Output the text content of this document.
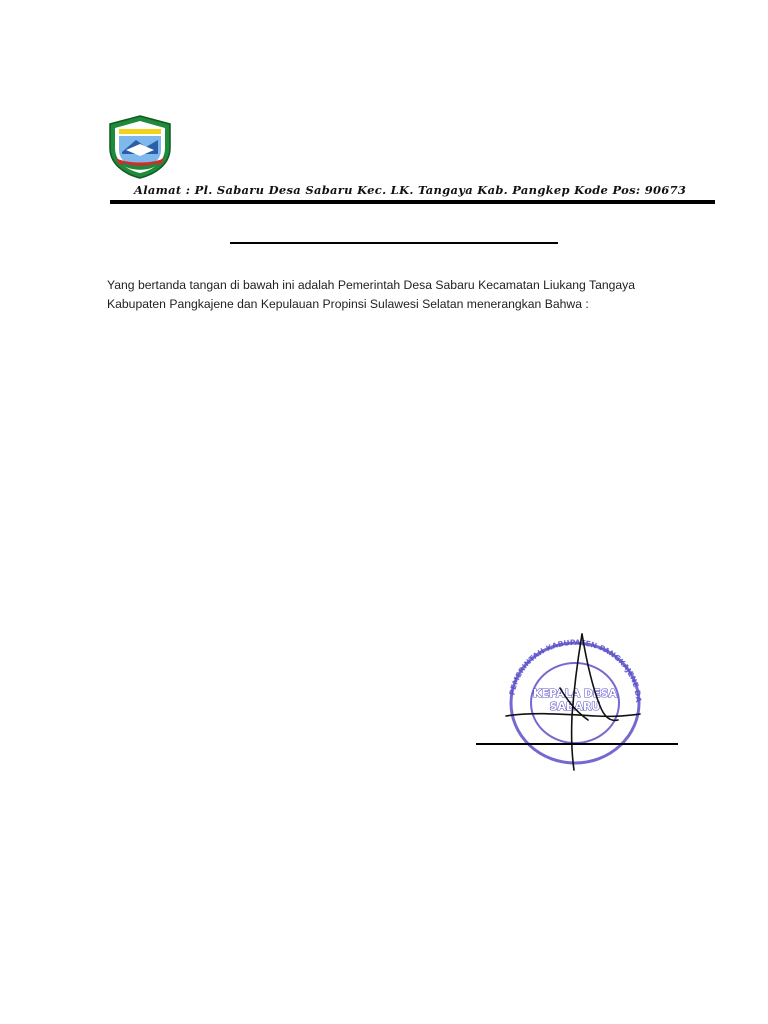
Alamat : Pl. Sabaru Desa Sabaru Kec. LK. Tangaya Kab. Pangkep Kode Pos: 90673
Yang bertanda tangan di bawah ini adalah Pemerintah Desa Sabaru Kecamatan Liukang Tangaya Kabupaten Pangkajene dan Kepulauan Propinsi Sulawesi Selatan menerangkan Bahwa :
PEMERINTAH KABUPATEN PANGKAJENE DAN KEPULAUAN KEC.LIUKANG TANGAYA
KEPALA DESA
SABARU
